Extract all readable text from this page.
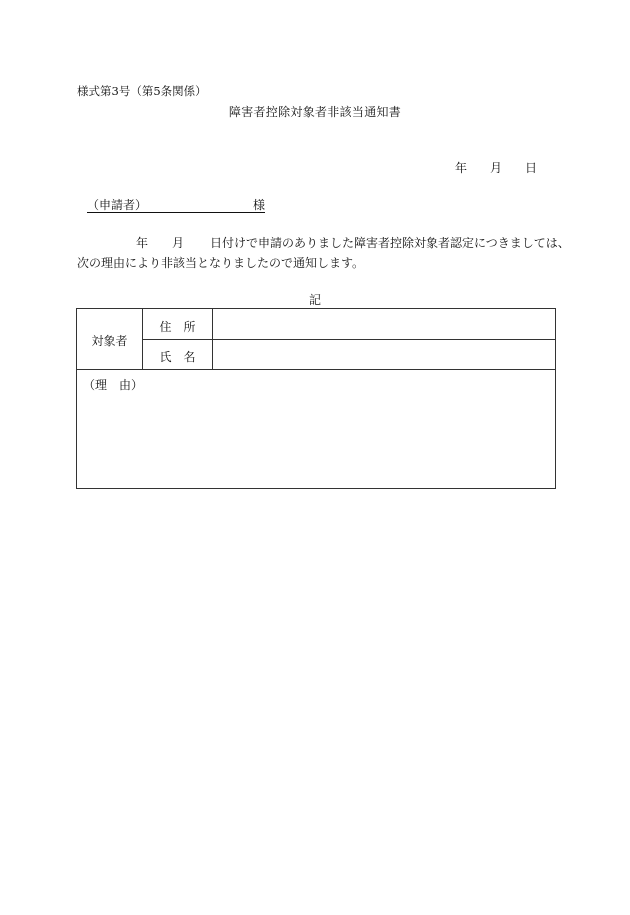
様式第3号（第5条関係）
障害者控除対象者非該当通知書
年 月 日
（申請者）	様
年 月 日付けで申請のありました障害者控除対象者認定につきましては、
次の理由により非該当となりましたので通知します。
記
対象者
住　所
氏　名
（理　由）
